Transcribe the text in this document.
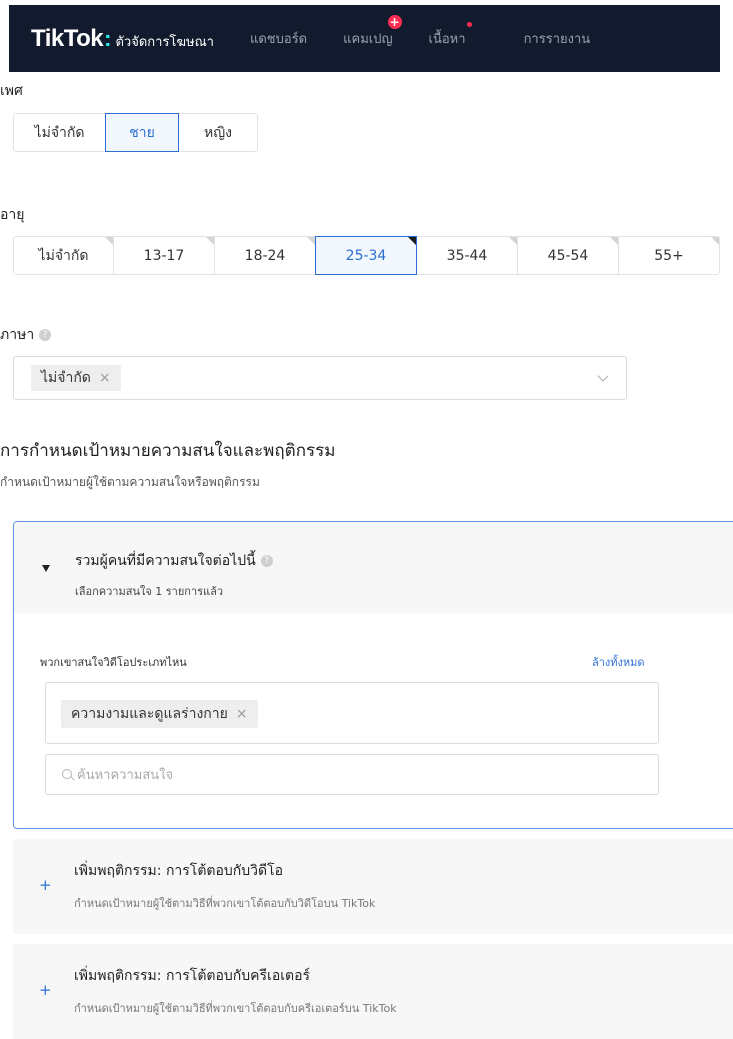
TikTok : ตัวจัดการโฆษณา	แดชบอร์ด	แคมเปญ
+
เนื้อหา	การรายงาน
เพศ
ไม่จำกัด	ชาย	หญิง
อายุ
ไม่จำกัด	13-17	18-24	25-34	35-44	45-54	55+
ภาษา ?
ไม่จำกัด ×
การกำหนดเป้าหมายความสนใจและพฤติกรรม
กำหนดเป้าหมายผู้ใช้ตามความสนใจหรือพฤติกรรม
รวมผู้คนที่มีความสนใจต่อไปนี้ ?
เลือกความสนใจ 1 รายการแล้ว
พวกเขาสนใจวิดีโอประเภทไหน	ล้างทั้งหมด
ความงามและดูแลร่างกาย ×
ค้นหาความสนใจ
+
เพิ่มพฤติกรรม: การโต้ตอบกับวิดีโอ
กำหนดเป้าหมายผู้ใช้ตามวิธีที่พวกเขาโต้ตอบกับวิดีโอบน TikTok
+
เพิ่มพฤติกรรม: การโต้ตอบกับครีเอเตอร์
กำหนดเป้าหมายผู้ใช้ตามวิธีที่พวกเขาโต้ตอบกับครีเอเตอร์บน TikTok
